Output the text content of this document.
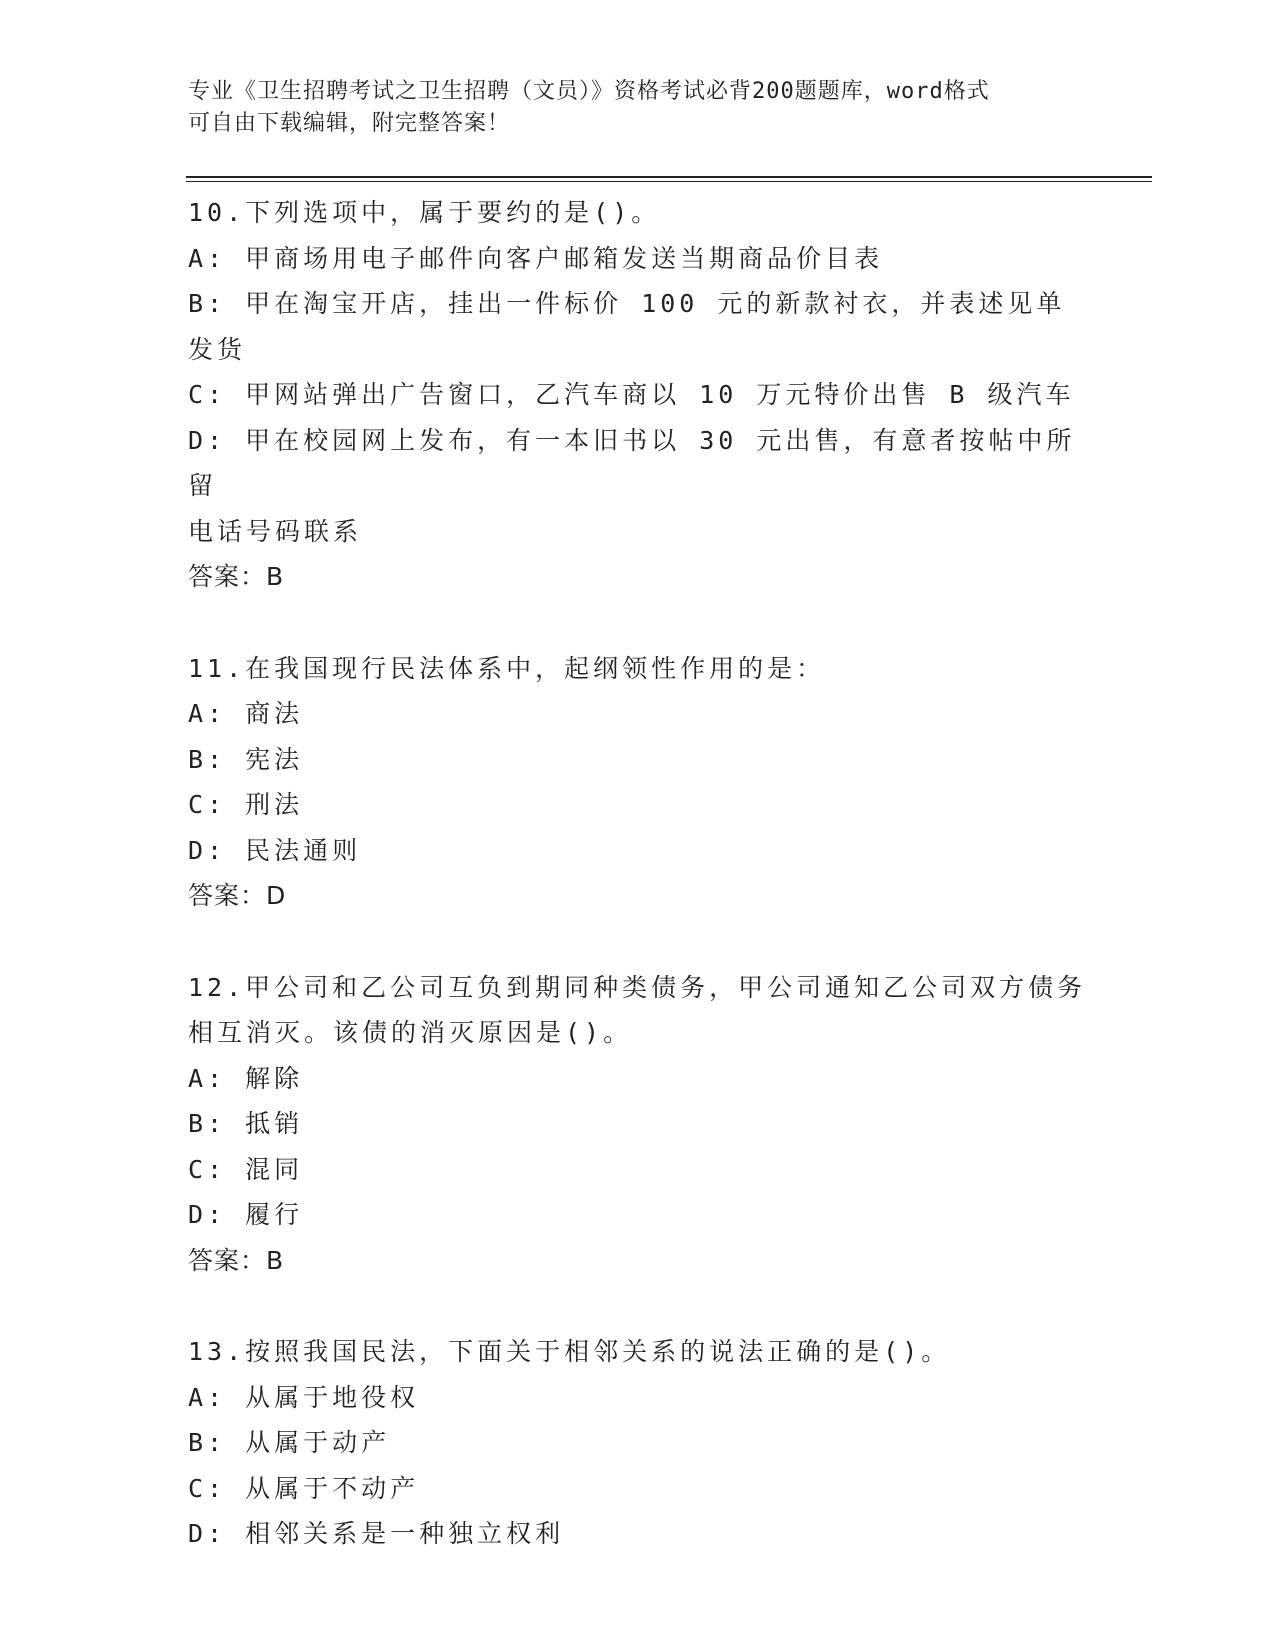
专业《卫生招聘考试之卫生招聘（文员）》资格考试必背200题题库，word格式
可自由下载编辑，附完整答案！
10.下列选项中，属于要约的是()。
A: 甲商场用电子邮件向客户邮箱发送当期商品价目表
B: 甲在淘宝开店，挂出一件标价 100 元的新款衬衣，并表述见单发货
C: 甲网站弹出广告窗口，乙汽车商以 10 万元特价出售 B 级汽车
D: 甲在校园网上发布，有一本旧书以 30 元出售，有意者按帖中所留
电话号码联系
答案：B
11.在我国现行民法体系中，起纲领性作用的是：
A: 商法
B: 宪法
C: 刑法
D: 民法通则
答案：D
12.甲公司和乙公司互负到期同种类债务，甲公司通知乙公司双方债务
相互消灭。该债的消灭原因是()。
A: 解除
B: 抵销
C: 混同
D: 履行
答案：B
13.按照我国民法，下面关于相邻关系的说法正确的是()。
A: 从属于地役权
B: 从属于动产
C: 从属于不动产
D: 相邻关系是一种独立权利
